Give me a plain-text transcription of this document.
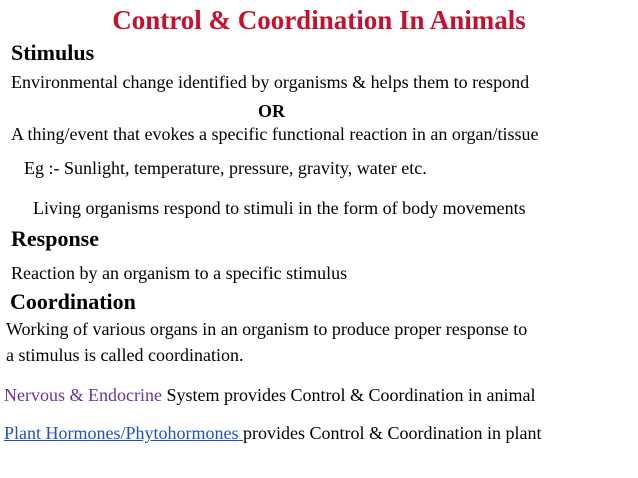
Control & Coordination In Animals
Stimulus
Environmental change identified by organisms & helps them to respond
OR
A thing/event that evokes a specific functional reaction in an organ/tissue
Eg :- Sunlight, temperature, pressure, gravity, water etc.
Living organisms respond to stimuli in the form of body movements
Response
Reaction by an organism to a specific stimulus
Coordination
Working of various organs in an organism to produce proper response to
a stimulus is called coordination.
Nervous & Endocrine System provides Control & Coordination in animal
Plant Hormones/Phytohormones provides Control & Coordination in plant
